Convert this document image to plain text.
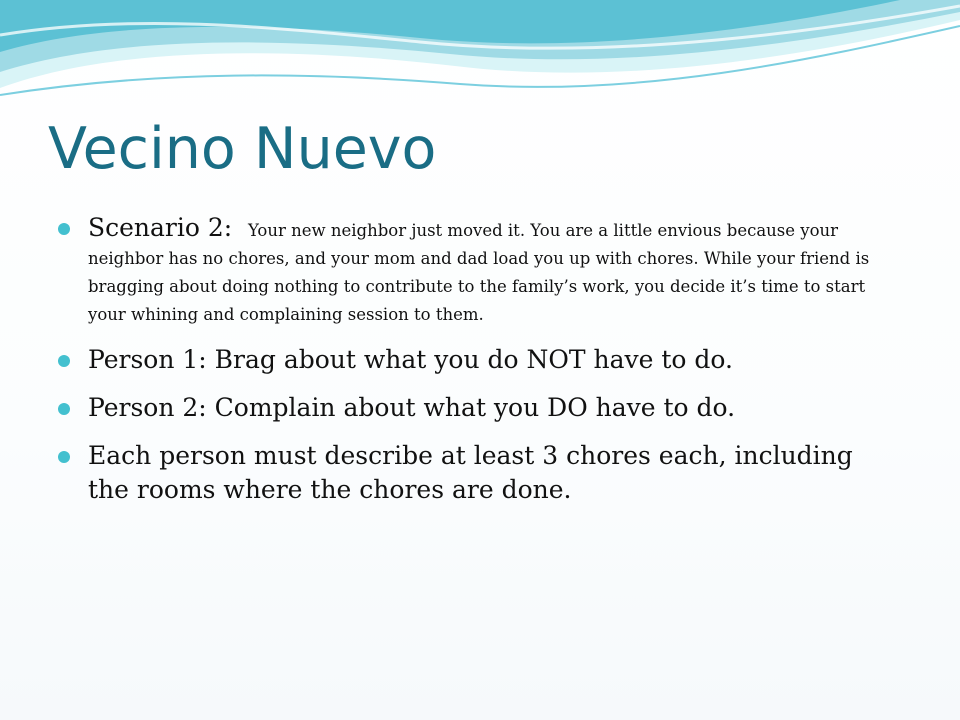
Vecino Nuevo
Scenario 2: Your new neighbor just moved it. You are a little envious because your neighbor has no chores, and your mom and dad load you up with chores. While your friend is bragging about doing nothing to contribute to the family’s work, you decide it’s time to start your whining and complaining session to them.
Person 1: Brag about what you do NOT have to do.
Person 2: Complain about what you DO have to do.
Each person must describe at least 3 chores each, including the rooms where the chores are done.
